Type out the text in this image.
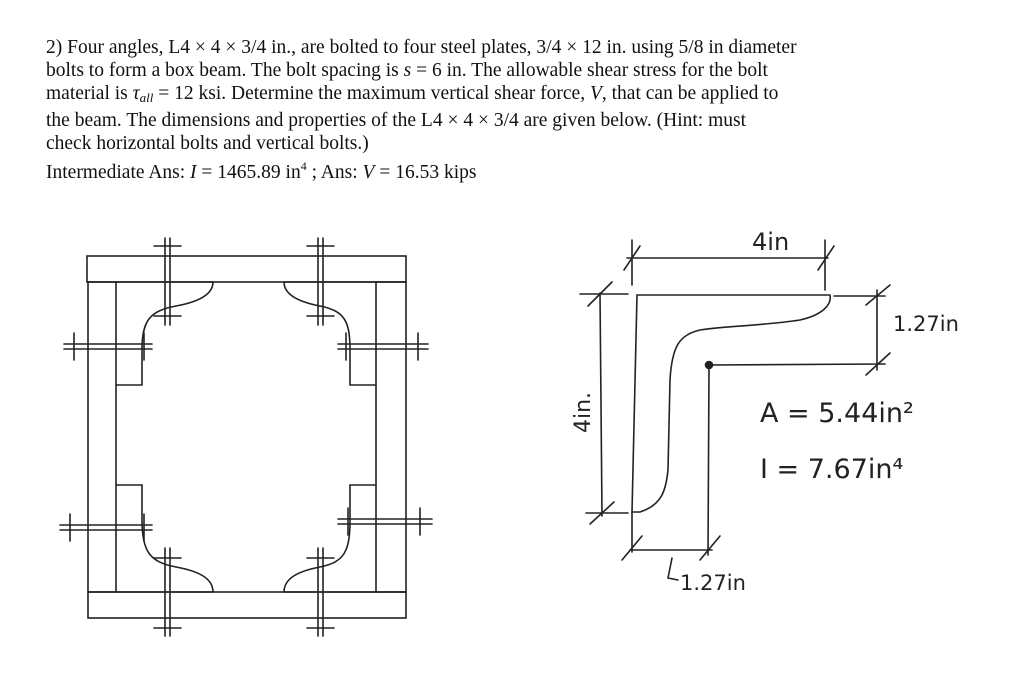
2) Four angles, L4 × 4 × 3/4 in., are bolted to four steel plates, 3/4 × 12 in. using 5/8 in diameter

bolts to form a box beam. The bolt spacing is s = 6 in. The allowable shear stress for the bolt

material is $\tau_{all} = 12$ ksi. Determine the maximum vertical shear force, V, that can be applied to

the beam. The dimensions and properties of the L4 × 4 × 3/4 are given below. (Hint: must

check horizontal bolts and vertical bolts.)

Intermediate Ans: I = 1465.89 $in^4$ ; Ans: V = 16.53 kips

4in
4in.
1.27in
1.27in
A = 5.44in²
I = 7.67in⁴
